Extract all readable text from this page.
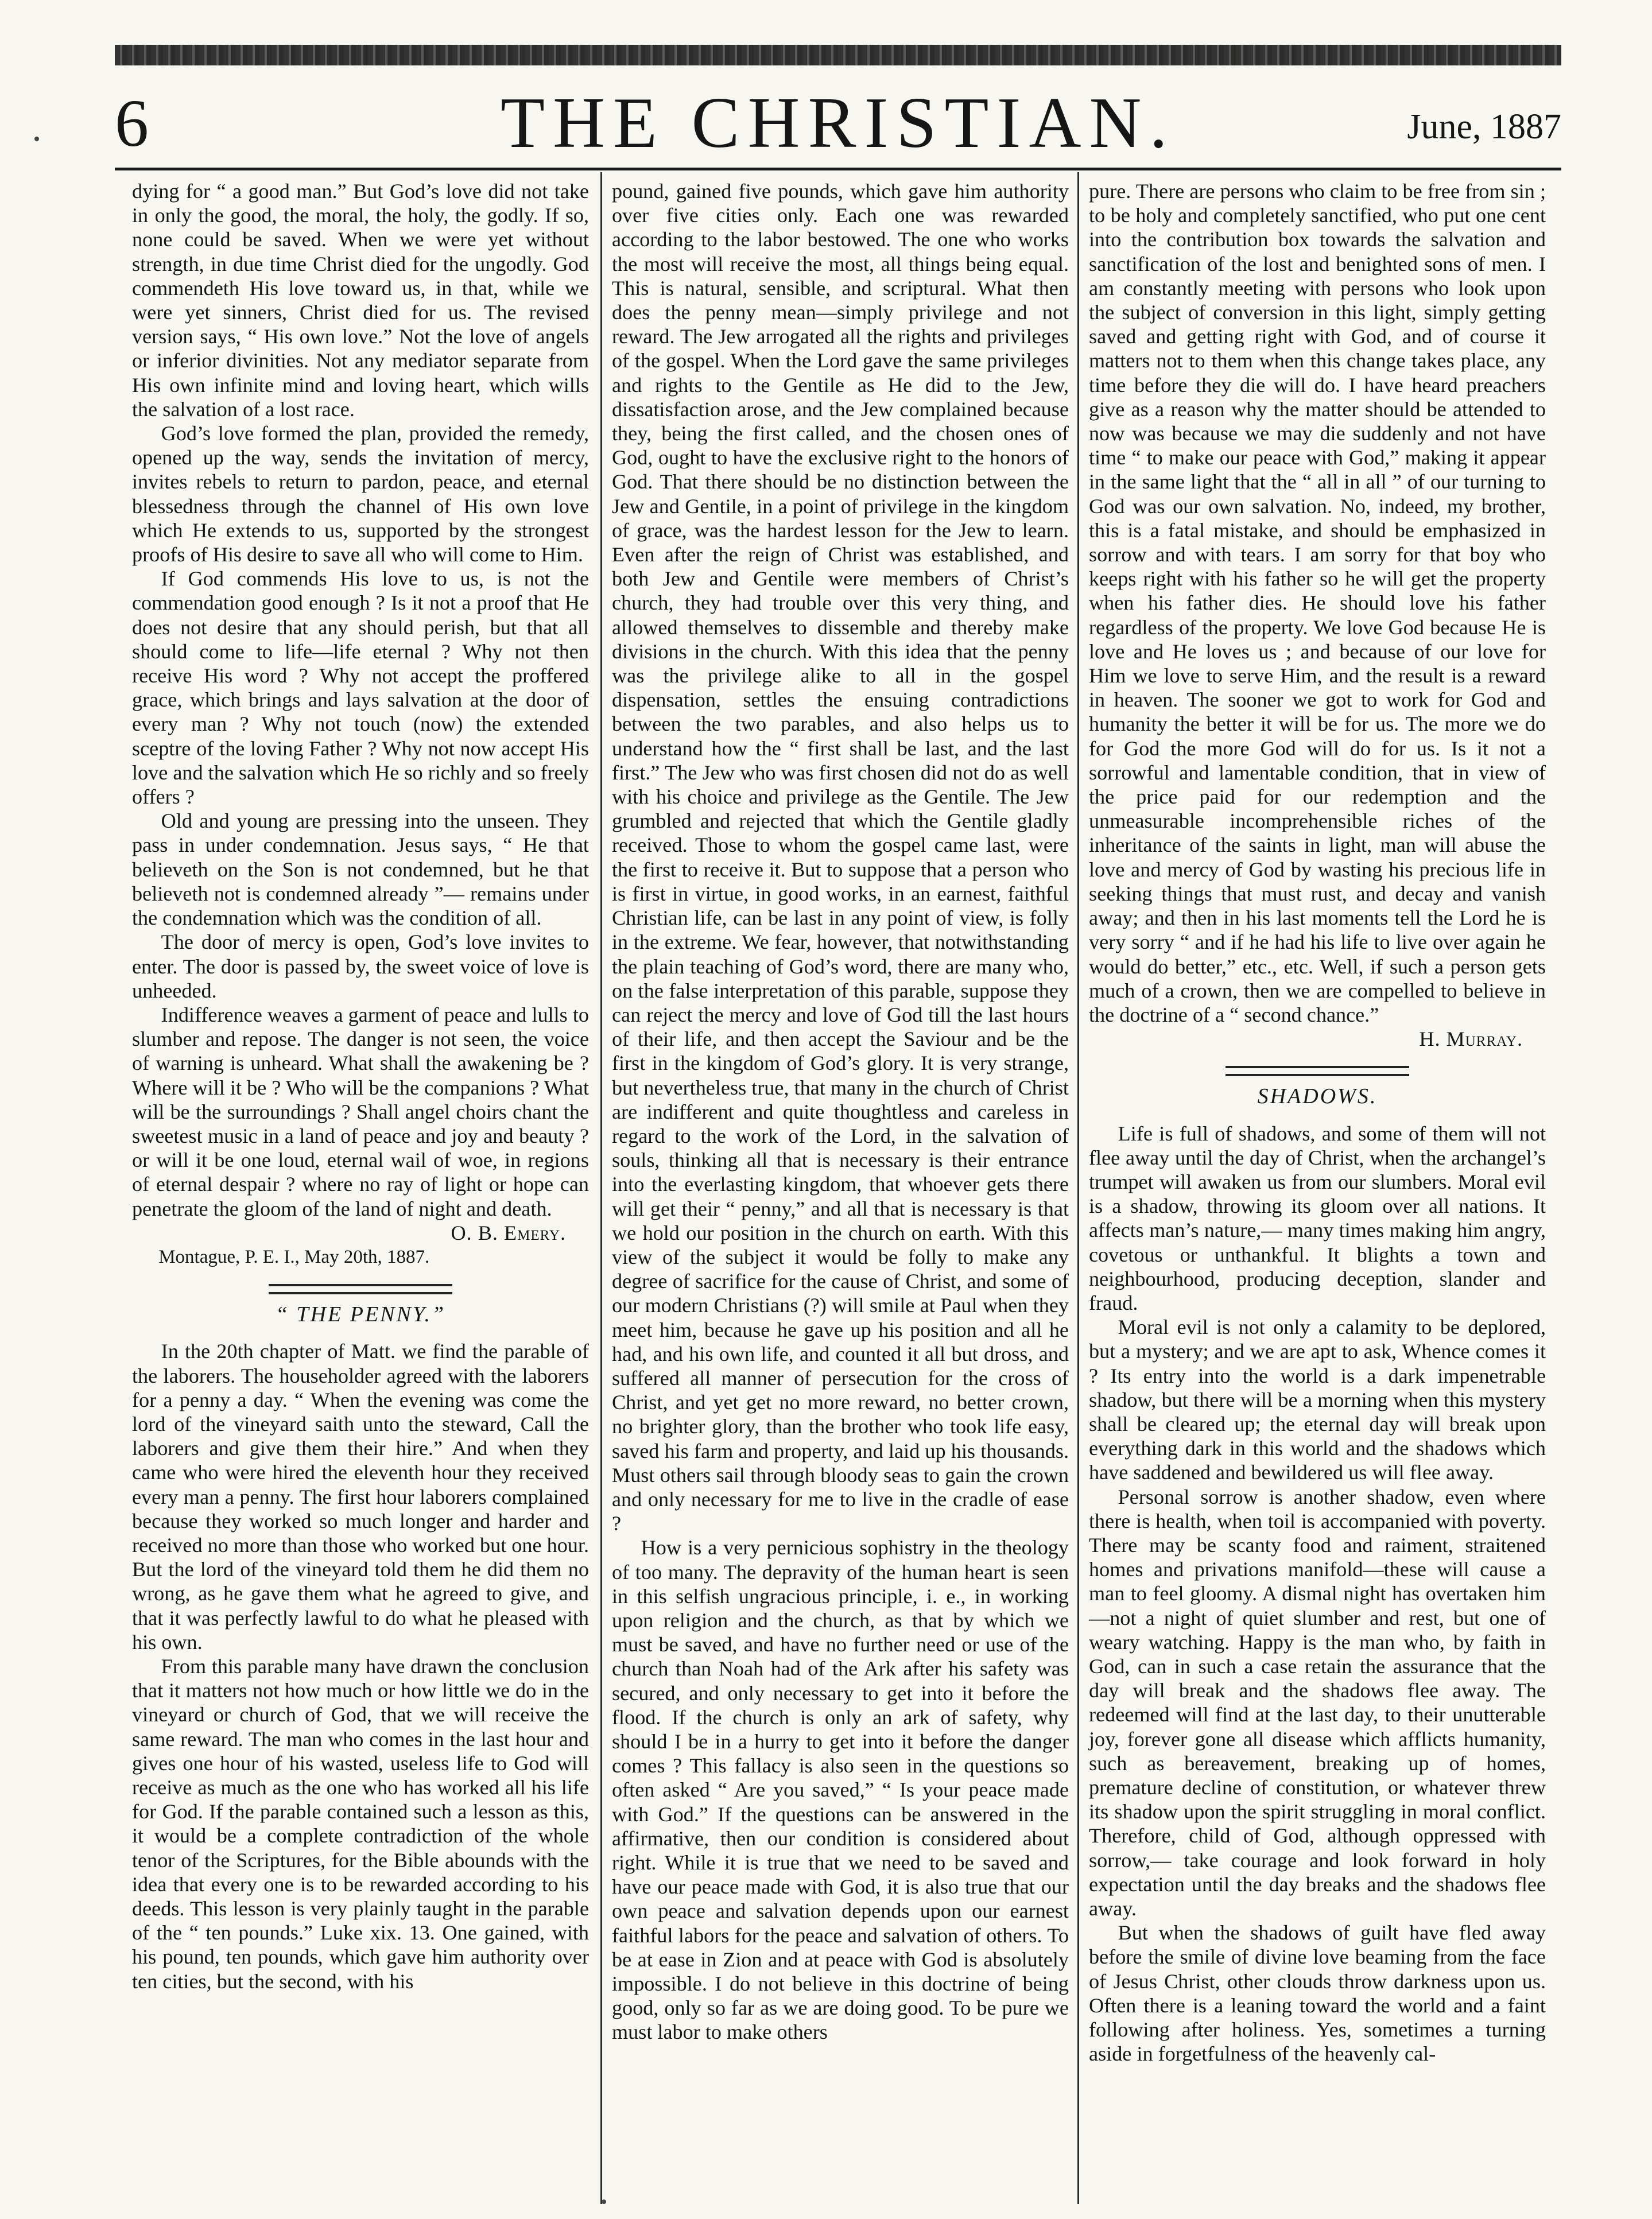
6	THE CHRISTIAN.	June, 1887

dying for “ a good man.” But God’s love did not take in only the good, the moral, the holy, the godly. If so, none could be saved. When we were yet without strength, in due time Christ died for the ungodly. God commendeth His love toward us, in that, while we were yet sinners, Christ died for us. The revised version says, “ His own love.” Not the love of angels or inferior divinities. Not any mediator separate from His own infinite mind and loving heart, which wills the salvation of a lost race.

God’s love formed the plan, provided the remedy, opened up the way, sends the invitation of mercy, invites rebels to return to pardon, peace, and eternal blessedness through the channel of His own love which He extends to us, supported by the strongest proofs of His desire to save all who will come to Him.

If God commends His love to us, is not the commendation good enough ? Is it not a proof that He does not desire that any should perish, but that all should come to life—life eternal ? Why not then receive His word ? Why not accept the proffered grace, which brings and lays salvation at the door of every man ? Why not touch (now) the extended sceptre of the loving Father ? Why not now accept His love and the salvation which He so richly and so freely offers ?

Old and young are pressing into the unseen. They pass in under condemnation. Jesus says, “ He that believeth on the Son is not condemned, but he that believeth not is condemned already ”— remains under the condemnation which was the condition of all.

The door of mercy is open, God’s love invites to enter. The door is passed by, the sweet voice of love is unheeded.

Indifference weaves a garment of peace and lulls to slumber and repose. The danger is not seen, the voice of warning is unheard. What shall the awakening be ? Where will it be ? Who will be the companions ? What will be the surroundings ? Shall angel choirs chant the sweetest music in a land of peace and joy and beauty ? or will it be one loud, eternal wail of woe, in regions of eternal despair ? where no ray of light or hope can penetrate the gloom of the land of night and death.

O. B. Emery.

Montague, P. E. I., May 20th, 1887.

“ THE PENNY.”

In the 20th chapter of Matt. we find the parable of the laborers. The householder agreed with the laborers for a penny a day. “ When the evening was come the lord of the vineyard saith unto the steward, Call the laborers and give them their hire.” And when they came who were hired the eleventh hour they received every man a penny. The first hour laborers complained because they worked so much longer and harder and received no more than those who worked but one hour. But the lord of the vineyard told them he did them no wrong, as he gave them what he agreed to give, and that it was perfectly lawful to do what he pleased with his own.

From this parable many have drawn the conclusion that it matters not how much or how little we do in the vineyard or church of God, that we will receive the same reward. The man who comes in the last hour and gives one hour of his wasted, useless life to God will receive as much as the one who has worked all his life for God. If the parable contained such a lesson as this, it would be a complete contradiction of the whole tenor of the Scriptures, for the Bible abounds with the idea that every one is to be rewarded according to his deeds. This lesson is very plainly taught in the parable of the “ ten pounds.” Luke xix. 13. One gained, with his pound, ten pounds, which gave him authority over ten cities, but the second, with his

pound, gained five pounds, which gave him authority over five cities only. Each one was rewarded according to the labor bestowed. The one who works the most will receive the most, all things being equal. This is natural, sensible, and scriptural. What then does the penny mean—simply privilege and not reward. The Jew arrogated all the rights and privileges of the gospel. When the Lord gave the same privileges and rights to the Gentile as He did to the Jew, dissatisfaction arose, and the Jew complained because they, being the first called, and the chosen ones of God, ought to have the exclusive right to the honors of God. That there should be no distinction between the Jew and Gentile, in a point of privilege in the kingdom of grace, was the hardest lesson for the Jew to learn. Even after the reign of Christ was established, and both Jew and Gentile were members of Christ’s church, they had trouble over this very thing, and allowed themselves to dissemble and thereby make divisions in the church. With this idea that the penny was the privilege alike to all in the gospel dispensation, settles the ensuing contradictions between the two parables, and also helps us to understand how the “ first shall be last, and the last first.” The Jew who was first chosen did not do as well with his choice and privilege as the Gentile. The Jew grumbled and rejected that which the Gentile gladly received. Those to whom the gospel came last, were the first to receive it. But to suppose that a person who is first in virtue, in good works, in an earnest, faithful Christian life, can be last in any point of view, is folly in the extreme. We fear, however, that notwithstanding the plain teaching of God’s word, there are many who, on the false interpretation of this parable, suppose they can reject the mercy and love of God till the last hours of their life, and then accept the Saviour and be the first in the kingdom of God’s glory. It is very strange, but nevertheless true, that many in the church of Christ are indifferent and quite thoughtless and careless in regard to the work of the Lord, in the salvation of souls, thinking all that is necessary is their entrance into the everlasting kingdom, that whoever gets there will get their “ penny,” and all that is necessary is that we hold our position in the church on earth. With this view of the subject it would be folly to make any degree of sacrifice for the cause of Christ, and some of our modern Christians (?) will smile at Paul when they meet him, because he gave up his position and all he had, and his own life, and counted it all but dross, and suffered all manner of persecution for the cross of Christ, and yet get no more reward, no better crown, no brighter glory, than the brother who took life easy, saved his farm and property, and laid up his thousands. Must others sail through bloody seas to gain the crown and only necessary for me to live in the cradle of ease ?

How is a very pernicious sophistry in the theology of too many. The depravity of the human heart is seen in this selfish ungracious principle, i. e., in working upon religion and the church, as that by which we must be saved, and have no further need or use of the church than Noah had of the Ark after his safety was secured, and only necessary to get into it before the flood. If the church is only an ark of safety, why should I be in a hurry to get into it before the danger comes ? This fallacy is also seen in the questions so often asked “ Are you saved,” “ Is your peace made with God.” If the questions can be answered in the affirmative, then our condition is considered about right. While it is true that we need to be saved and have our peace made with God, it is also true that our own peace and salvation depends upon our earnest faithful labors for the peace and salvation of others. To be at ease in Zion and at peace with God is absolutely impossible. I do not believe in this doctrine of being good, only so far as we are doing good. To be pure we must labor to make others

pure. There are persons who claim to be free from sin ; to be holy and completely sanctified, who put one cent into the contribution box towards the salvation and sanctification of the lost and benighted sons of men. I am constantly meeting with persons who look upon the subject of conversion in this light, simply getting saved and getting right with God, and of course it matters not to them when this change takes place, any time before they die will do. I have heard preachers give as a reason why the matter should be attended to now was because we may die suddenly and not have time “ to make our peace with God,” making it appear in the same light that the “ all in all ” of our turning to God was our own salvation. No, indeed, my brother, this is a fatal mistake, and should be emphasized in sorrow and with tears. I am sorry for that boy who keeps right with his father so he will get the property when his father dies. He should love his father regardless of the property. We love God because He is love and He loves us ; and because of our love for Him we love to serve Him, and the result is a reward in heaven. The sooner we got to work for God and humanity the better it will be for us. The more we do for God the more God will do for us. Is it not a sorrowful and lamentable condition, that in view of the price paid for our redemption and the unmeasurable incomprehensible riches of the inheritance of the saints in light, man will abuse the love and mercy of God by wasting his precious life in seeking things that must rust, and decay and vanish away; and then in his last moments tell the Lord he is very sorry “ and if he had his life to live over again he would do better,” etc., etc. Well, if such a person gets much of a crown, then we are compelled to believe in the doctrine of a “ second chance.”

H. Murray.

SHADOWS.

Life is full of shadows, and some of them will not flee away until the day of Christ, when the archangel’s trumpet will awaken us from our slumbers. Moral evil is a shadow, throwing its gloom over all nations. It affects man’s nature,— many times making him angry, covetous or unthankful. It blights a town and neighbourhood, producing deception, slander and fraud.

Moral evil is not only a calamity to be deplored, but a mystery; and we are apt to ask, Whence comes it ? Its entry into the world is a dark impenetrable shadow, but there will be a morning when this mystery shall be cleared up; the eternal day will break upon everything dark in this world and the shadows which have saddened and bewildered us will flee away.

Personal sorrow is another shadow, even where there is health, when toil is accompanied with poverty. There may be scanty food and raiment, straitened homes and privations manifold—these will cause a man to feel gloomy. A dismal night has overtaken him—not a night of quiet slumber and rest, but one of weary watching. Happy is the man who, by faith in God, can in such a case retain the assurance that the day will break and the shadows flee away. The redeemed will find at the last day, to their unutterable joy, forever gone all disease which afflicts humanity, such as bereavement, breaking up of homes, premature decline of constitution, or whatever threw its shadow upon the spirit struggling in moral conflict. Therefore, child of God, although oppressed with sorrow,— take courage and look forward in holy expectation until the day breaks and the shadows flee away.

But when the shadows of guilt have fled away before the smile of divine love beaming from the face of Jesus Christ, other clouds throw darkness upon us. Often there is a leaning toward the world and a faint following after holiness. Yes, sometimes a turning aside in forgetfulness of the heavenly cal-
